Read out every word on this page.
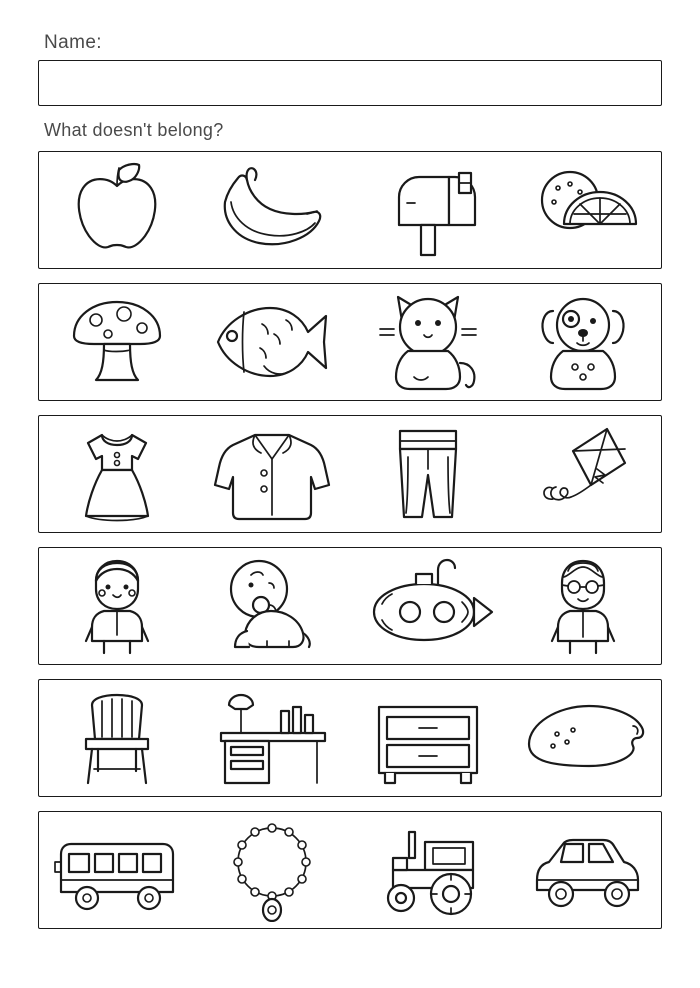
Name:
What doesn't belong?
